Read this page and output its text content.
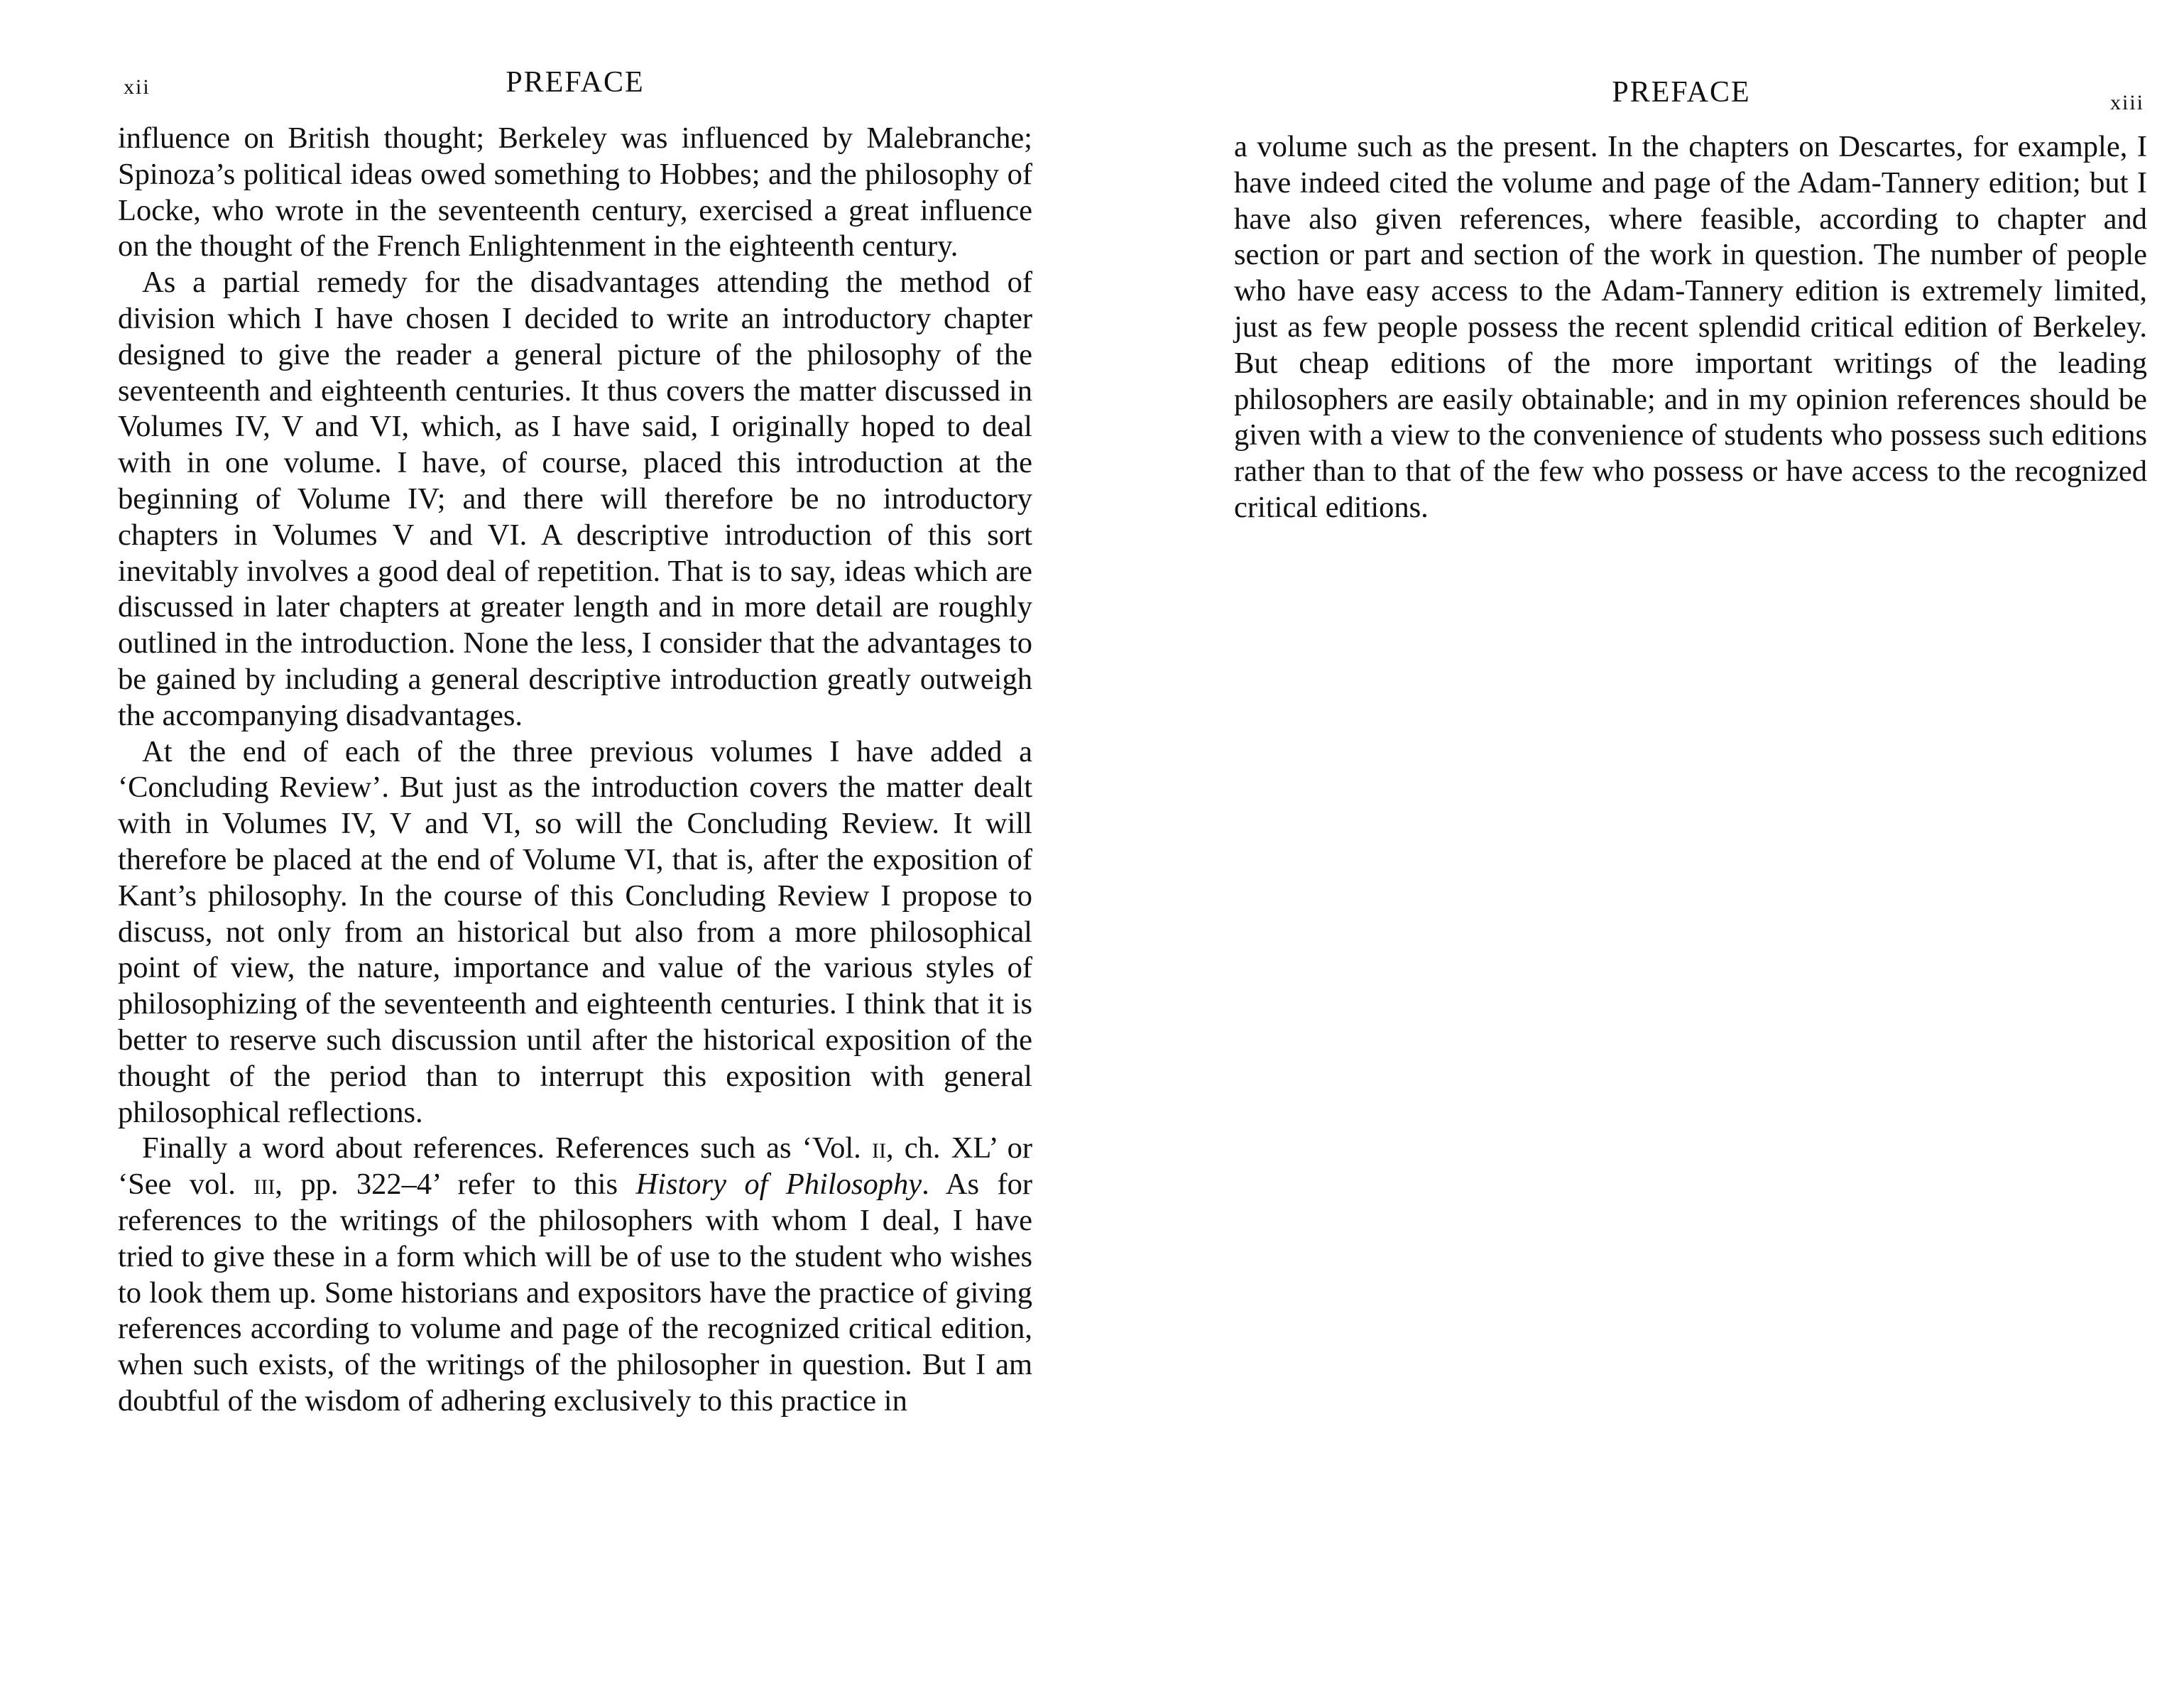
xii	PREFACE

influence on British thought; Berkeley was influenced by Malebranche; Spinoza’s political ideas owed something to Hobbes; and the philosophy of Locke, who wrote in the seventeenth century, exercised a great influence on the thought of the French Enlightenment in the eighteenth century.

As a partial remedy for the disadvantages attending the method of division which I have chosen I decided to write an introductory chapter designed to give the reader a general picture of the philosophy of the seventeenth and eighteenth centuries. It thus covers the matter discussed in Volumes IV, V and VI, which, as I have said, I originally hoped to deal with in one volume. I have, of course, placed this introduction at the beginning of Volume IV; and there will therefore be no introductory chapters in Volumes V and VI. A descriptive introduction of this sort inevitably involves a good deal of repetition. That is to say, ideas which are discussed in later chapters at greater length and in more detail are roughly outlined in the introduction. None the less, I consider that the advantages to be gained by including a general descriptive introduction greatly outweigh the accompanying disadvantages.

At the end of each of the three previous volumes I have added a ‘Concluding Review’. But just as the introduction covers the matter dealt with in Volumes IV, V and VI, so will the Concluding Review. It will therefore be placed at the end of Volume VI, that is, after the exposition of Kant’s philosophy. In the course of this Concluding Review I propose to discuss, not only from an historical but also from a more philosophical point of view, the nature, importance and value of the various styles of philosophizing of the seventeenth and eighteenth centuries. I think that it is better to reserve such discussion until after the historical exposition of the thought of the period than to interrupt this exposition with general philosophical reflections.

Finally a word about references. References such as ‘Vol. ii, ch. XL’ or ‘See vol. iii, pp. 322–4’ refer to this History of Philosophy. As for references to the writings of the philosophers with whom I deal, I have tried to give these in a form which will be of use to the student who wishes to look them up. Some historians and expositors have the practice of giving references according to volume and page of the recognized critical edition, when such exists, of the writings of the philosopher in question. But I am doubtful of the wisdom of adhering exclusively to this practice in

PREFACE	xiii

a volume such as the present. In the chapters on Descartes, for example, I have indeed cited the volume and page of the Adam-Tannery edition; but I have also given references, where feasible, according to chapter and section or part and section of the work in question. The number of people who have easy access to the Adam-Tannery edition is extremely limited, just as few people possess the recent splendid critical edition of Berkeley. But cheap editions of the more important writings of the leading philosophers are easily obtainable; and in my opinion references should be given with a view to the convenience of students who possess such editions rather than to that of the few who possess or have access to the recognized critical editions.
